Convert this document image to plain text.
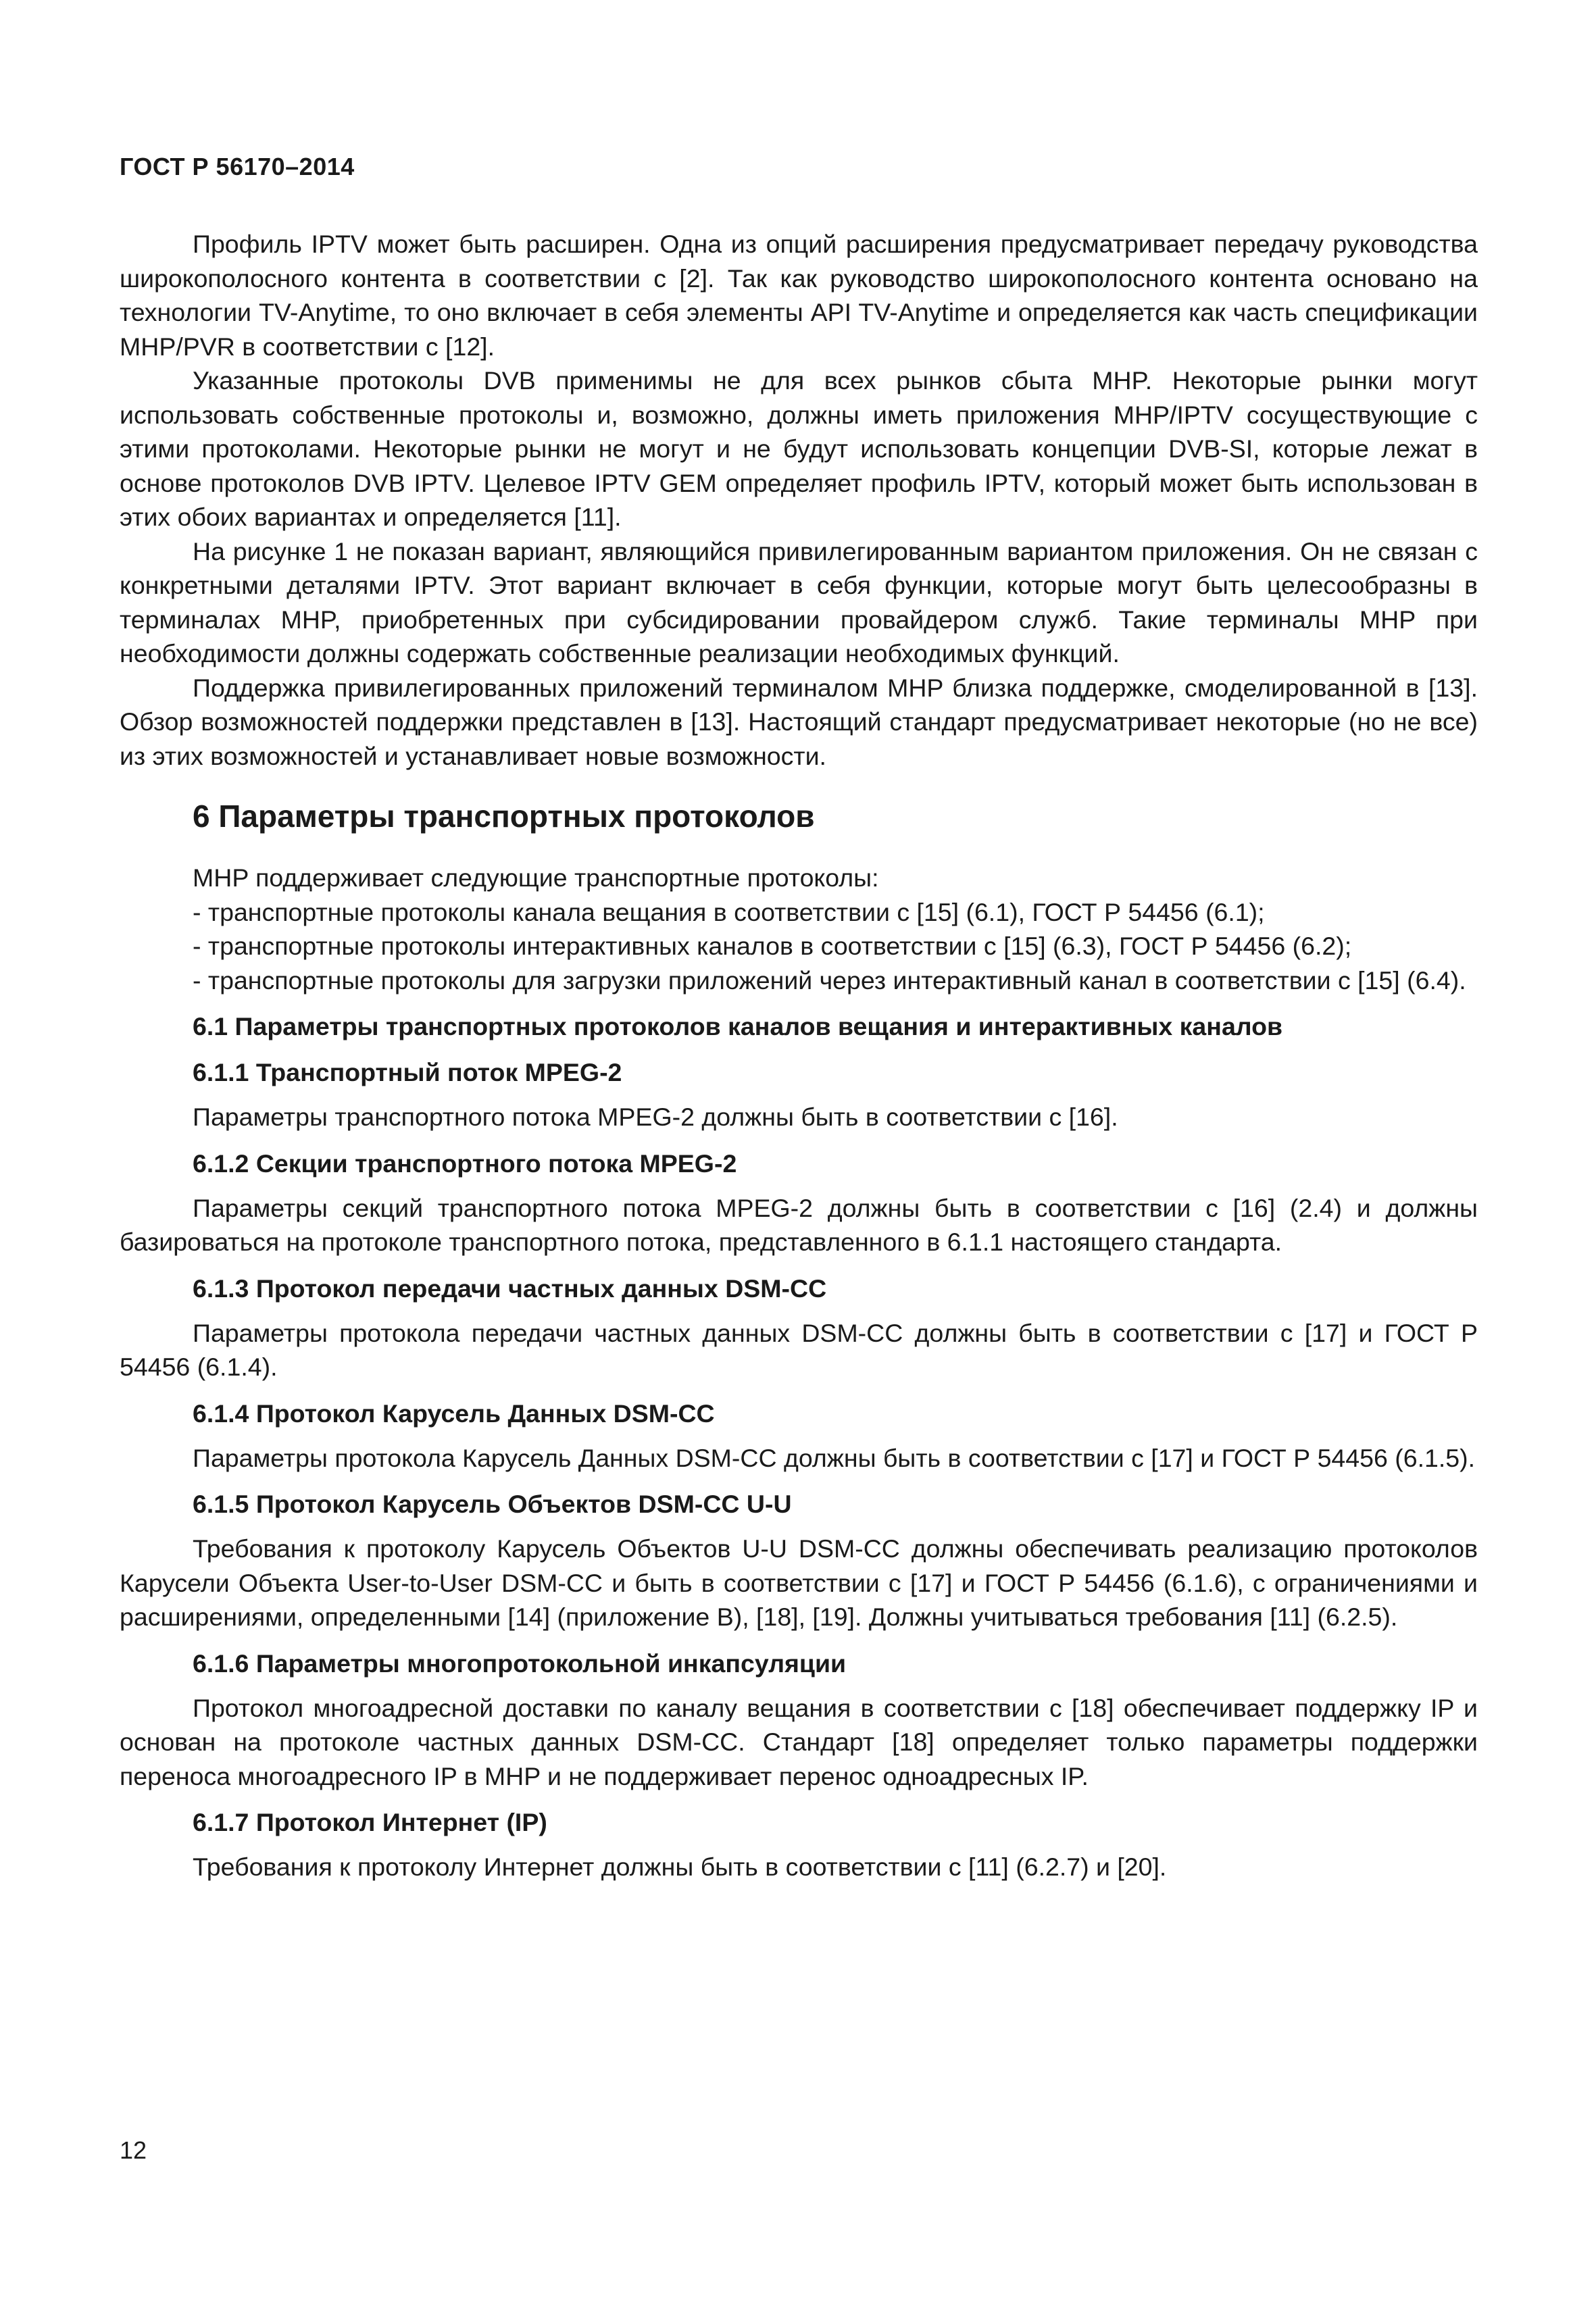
ГОСТ Р 56170–2014

Профиль IPTV может быть расширен. Одна из опций расширения предусматривает передачу руководства широкополосного контента в соответствии с [2]. Так как руководство широкополосного контента основано на технологии TV-Anytime, то оно включает в себя элементы API TV-Anytime и определяется как часть спецификации MHP/PVR в соответствии с [12].

Указанные протоколы DVB применимы не для всех рынков сбыта MHP. Некоторые рынки могут использовать собственные протоколы и, возможно, должны иметь приложения MHP/IPTV сосуществующие с этими протоколами. Некоторые рынки не могут и не будут использовать концепции DVB-SI, которые лежат в основе протоколов DVB IPTV. Целевое IPTV GEM определяет профиль IPTV, который может быть использован в этих обоих вариантах и определяется [11].

На рисунке 1 не показан вариант, являющийся привилегированным вариантом приложения. Он не связан с конкретными деталями IPTV. Этот вариант включает в себя функции, которые могут быть целесообразны в терминалах MHP, приобретенных при субсидировании провайдером служб. Такие терминалы MHP при необходимости должны содержать собственные реализации необходимых функций.

Поддержка привилегированных приложений терминалом MHP близка поддержке, смоделированной в [13]. Обзор возможностей поддержки представлен в [13]. Настоящий стандарт предусматривает некоторые (но не все) из этих возможностей и устанавливает новые возможности.

6 Параметры транспортных протоколов

MHP поддерживает следующие транспортные протоколы:

- транспортные протоколы канала вещания в соответствии с [15] (6.1), ГОСТ Р 54456 (6.1);

- транспортные протоколы интерактивных каналов в соответствии с [15] (6.3), ГОСТ Р 54456 (6.2);

- транспортные протоколы для загрузки приложений через интерактивный канал в соответствии с [15] (6.4).

6.1 Параметры транспортных протоколов каналов вещания и интерактивных каналов
6.1.1 Транспортный поток MPEG-2

Параметры транспортного потока MPEG-2 должны быть в соответствии с [16].

6.1.2 Секции транспортного потока MPEG-2

Параметры секций транспортного потока MPEG-2 должны быть в соответствии с [16] (2.4) и должны базироваться на протоколе транспортного потока, представленного в 6.1.1 настоящего стандарта.

6.1.3 Протокол передачи частных данных DSM-CC

Параметры протокола передачи частных данных DSM-CC должны быть в соответствии с [17] и ГОСТ Р 54456 (6.1.4).

6.1.4 Протокол Карусель Данных DSM-CC

Параметры протокола Карусель Данных DSM-CC должны быть в соответствии с [17] и ГОСТ Р 54456 (6.1.5).

6.1.5 Протокол Карусель Объектов DSM-CC U-U

Требования к протоколу Карусель Объектов U-U DSM-CC должны обеспечивать реализацию протоколов Карусели Объекта User-to-User DSM-CC и быть в соответствии с [17] и ГОСТ Р 54456 (6.1.6), с ограничениями и расширениями, определенными [14] (приложение B), [18], [19]. Должны учитываться требования [11] (6.2.5).

6.1.6 Параметры многопротокольной инкапсуляции

Протокол многоадресной доставки по каналу вещания в соответствии с [18] обеспечивает поддержку IP и основан на протоколе частных данных DSM-CC. Стандарт [18] определяет только параметры поддержки переноса многоадресного IP в MHP и не поддерживает перенос одноадресных IP.

6.1.7 Протокол Интернет (IP)

Требования к протоколу Интернет должны быть в соответствии с [11] (6.2.7) и [20].

12
